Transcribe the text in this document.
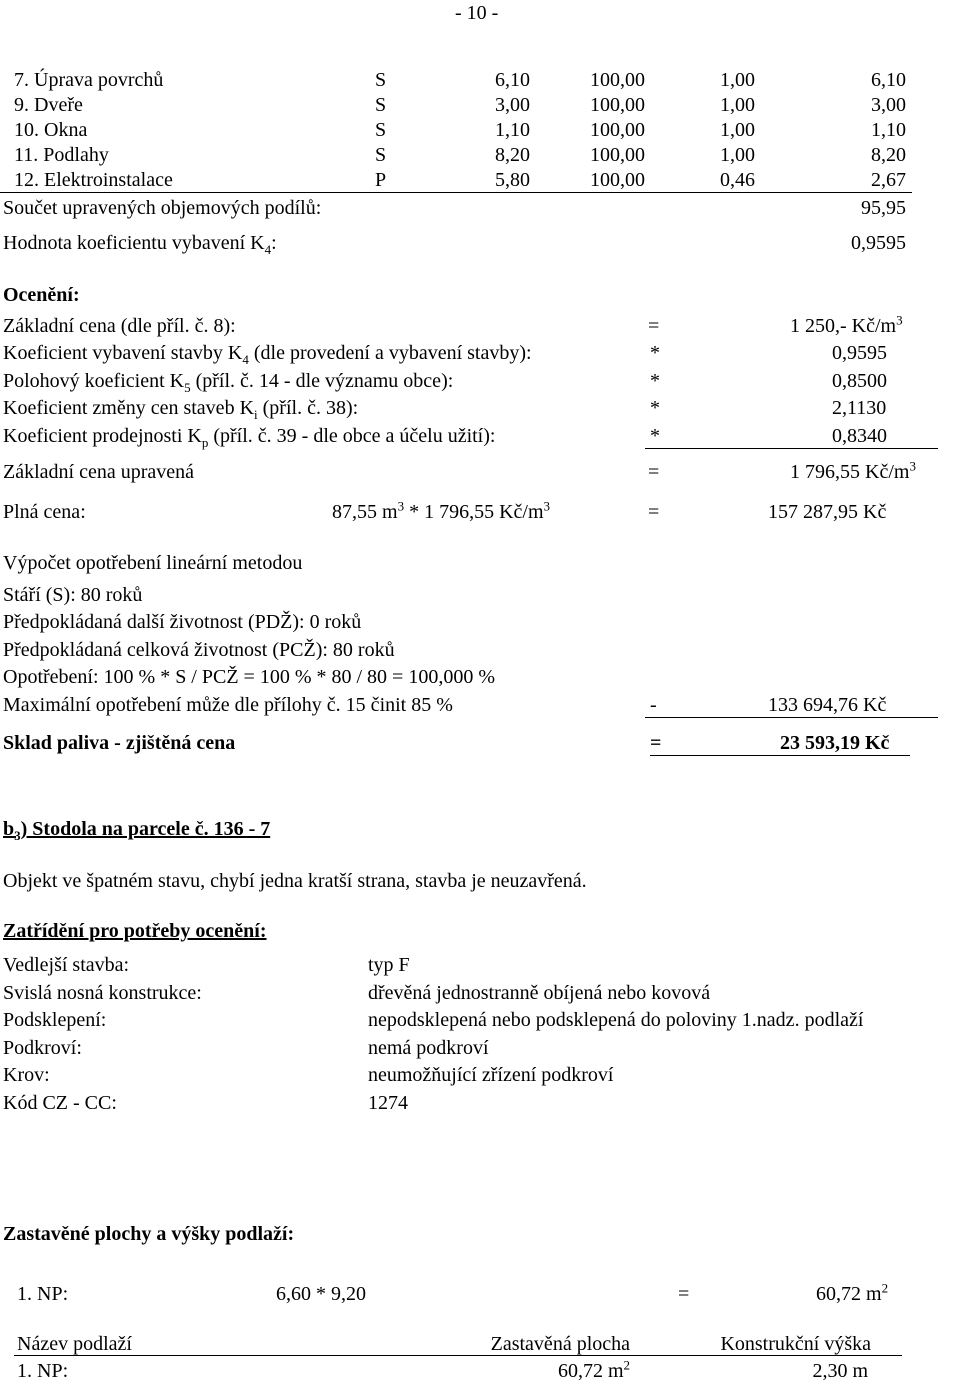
- 10 -
7. Úprava povrchů	S	6,10	100,00	1,00	6,10
9. Dveře	S	3,00	100,00	1,00	3,00
10. Okna	S	1,10	100,00	1,00	1,10
11. Podlahy	S	8,20	100,00	1,00	8,20
12. Elektroinstalace	P	5,80	100,00	0,46	2,67
Součet upravených objemových podílů:	95,95
Hodnota koeficientu vybavení $K_4$:	0,9595
Ocenění:
Základní cena (dle příl. č. 8):	=	1 250,- $Kč/m^3$
Koeficient vybavení stavby $K_4$ (dle provedení a vybavení stavby):	*	0,9595
Polohový koeficient $K_5$ (příl. č. 14 - dle významu obce):	*	0,8500
Koeficient změny cen staveb $K_i$ (příl. č. 38):	*	2,1130
Koeficient prodejnosti $K_p$ (příl. č. 39 - dle obce a účelu užití):	*	0,8340
Základní cena upravená	=	1 796,55 $Kč/m^3$
Plná cena:	87,55 $m^3 * 1$ 796,55 $Kč/m^3$	=	157 287,95 Kč
Výpočet opotřebení lineární metodou
Stáří (S): 80 roků
Předpokládaná další životnost (PDŽ): 0 roků
Předpokládaná celková životnost (PCŽ): 80 roků
Opotřebení: 100 % * S / PCŽ = 100 % * 80 / 80 = 100,000 %
Maximální opotřebení může dle přílohy č. 15 činit 85 %	-	133 694,76 Kč
Sklad paliva - zjištěná cena	=	23 593,19 Kč
$b_3$) Stodola na parcele č. 136 - 7
Objekt ve špatném stavu, chybí jedna kratší strana, stavba je neuzavřená.
Zatřídění pro potřeby ocenění:
Vedlejší stavba:	typ F
Svislá nosná konstrukce:	dřevěná jednostranně obíjená nebo kovová
Podsklepení:	nepodsklepená nebo podsklepená do poloviny 1.nadz. podlaží
Podkroví:	nemá podkroví
Krov:	neumožňující zřízení podkroví
Kód CZ - CC:	1274
Zastavěné plochy a výšky podlaží:
1. NP:	6,60 * 9,20	=	60,72 $m^2$
Název podlaží	Zastavěná plocha	Konstrukční výška
1. NP:	60,72 $m^2$	2,30 m
